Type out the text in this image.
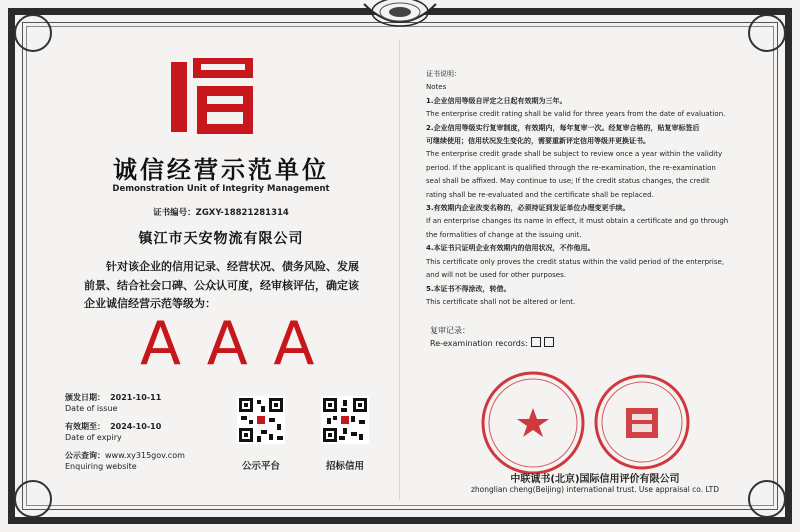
诚信经营示范单位
Demonstration Unit of Integrity Management
证书编号：ZGXY-18821281314
镇江市天安物流有限公司
针对该企业的信用记录、经营状况、债务风险、发展前景、结合社会口碑、公众认可度，经审核评估，确定该企业诚信经营示范等级为：
AAA
颁发日期： 2021-10-11
Date of issue
有效期至： 2024-10-10
Date of expiry
公示查询：www.xy315gov.com
Enquiring website	公示平台	招标信用
证书说明：
Notes
1.企业信用等级自评定之日起有效期为三年。
The enterprise credit rating shall be valid for three years from the date of evaluation.
2.企业信用等级实行复审制度，有效期内，每年复审一次。经复审合格的，贴复审标签后
可继续使用；信用状况发生变化的，需要重新评定信用等级并更换证书。
The enterprise credit grade shall be subject to review once a year within the validity
period. If the applicant is qualified through the re-examination, the re-examination
seal shall be affixed. May continue to use; If the credit status changes, the credit
rating shall be re-evaluated and the certificate shall be replaced.
3.有效期内企业改变名称的，必须持证到发证单位办理变更手续。
If an enterprise changes its name in effect, it must obtain a certificate and go through
the formalities of change at the issuing unit.
4.本证书只证明企业有效期内的信用状况，不作他用。
This certificate only proves the credit status within the valid period of the enterprise,
and will not be used for other purposes.
5.本证书不得涂改，转借。
This certificate shall not be altered or lent.
复审记录：
Re-examination records:
中联诚书(北京)国际信用评价有限公司
zhonglian cheng(Beijing) international trust. Use appraisal co. LTD
